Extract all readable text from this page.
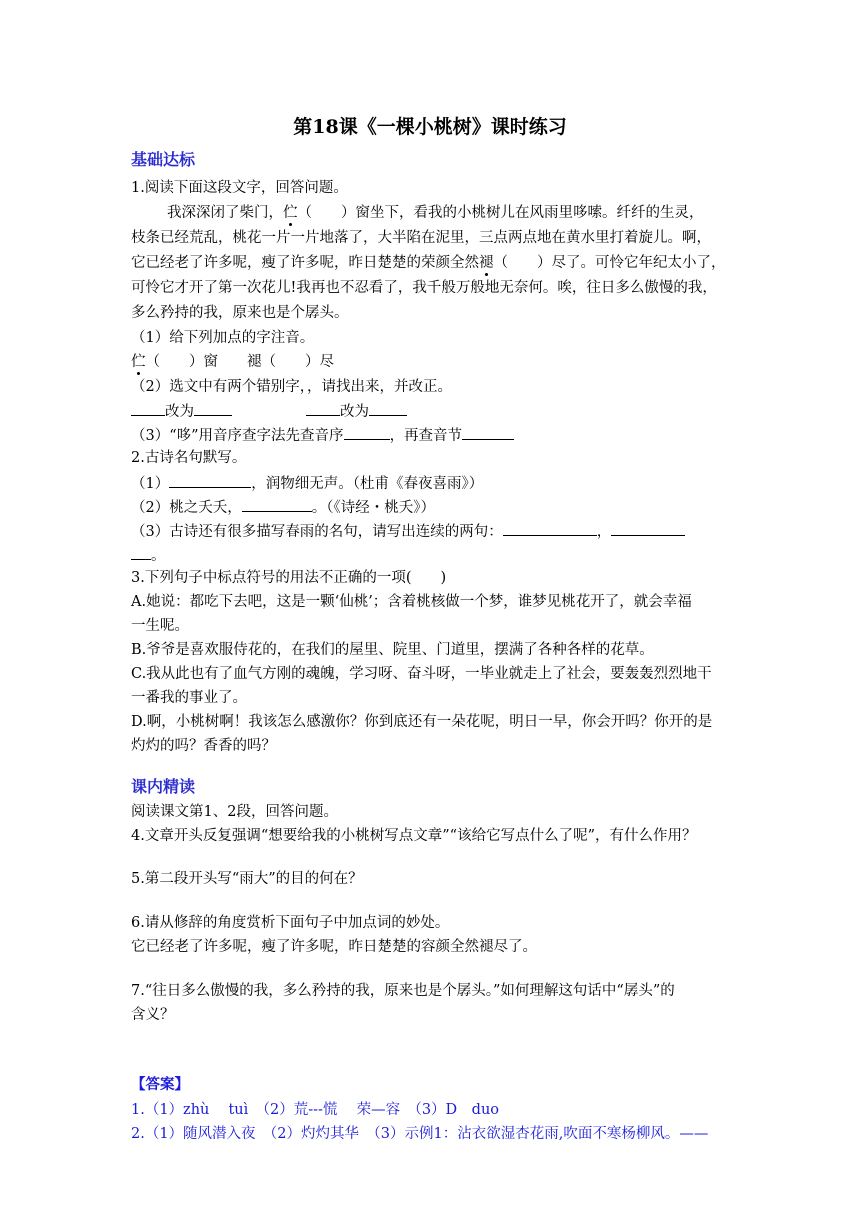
第18课《一棵小桃树》课时练习
基础达标
1.阅读下面这段文字，回答问题。
我深深闭了柴门，伫（　　）窗坐下，看我的小桃树儿在风雨里哆嗦。纤纤的生灵，
枝条已经荒乱，桃花一片一片地落了，大半陷在泥里，三点两点地在黄水里打着旋儿。啊，
它已经老了许多呢，瘦了许多呢，昨日楚楚的荣颜全然褪（　　）尽了。可怜它年纪太小了，
可怜它才开了第一次花儿!我再也不忍看了，我千般万般地无奈何。唉，往日多么傲慢的我，
多么矜持的我，原来也是个孱头。
（1）给下列加点的字注音。
伫（　　）窗　　褪（　　）尽
（2）选文中有两个错别字，，请找出来，并改正。
改为	改为
（3）“哆”用音序查字法先查音序	，再查音节
2.古诗名句默写。
（1）	，润物细无声。（杜甫《春夜喜雨》）
（2）桃之夭夭，	。（《诗经・桃夭》）
（3）古诗还有很多描写春雨的名句，请写出连续的两句：	，
。
3.下列句子中标点符号的用法不正确的一项(　　)
A.她说：都吃下去吧，这是一颗‘仙桃’；含着桃核做一个梦，谁梦见桃花开了，就会幸福
一生呢。
B.爷爷是喜欢服侍花的，在我们的屋里、院里、门道里，摆满了各种各样的花草。
C.我从此也有了血气方刚的魂魄，学习呀、奋斗呀，一毕业就走上了社会，要轰轰烈烈地干
一番我的事业了。
D.啊，小桃树啊！我该怎么感激你？你到底还有一朵花呢，明日一早，你会开吗？你开的是
灼灼的吗？香香的吗？
课内精读
阅读课文第1、2段，回答问题。
4.文章开头反复强调“想要给我的小桃树写点文章”“该给它写点什么了呢”，有什么作用？
5.第二段开头写“雨大”的目的何在？
6.请从修辞的角度赏析下面句子中加点词的妙处。
它已经老了许多呢，瘦了许多呢，昨日楚楚的容颜全然褪尽了。
7.“往日多么傲慢的我，多么矜持的我，原来也是个孱头。”如何理解这句话中“孱头”的
含义？
【答案】
1.（1）zhù　 tuì　（2）荒---慌　 荣—容　（3）D　duo
2.（1）随风潜入夜　（2）灼灼其华　（3）示例1：沾衣欲湿杏花雨,吹面不寒杨柳风。——
